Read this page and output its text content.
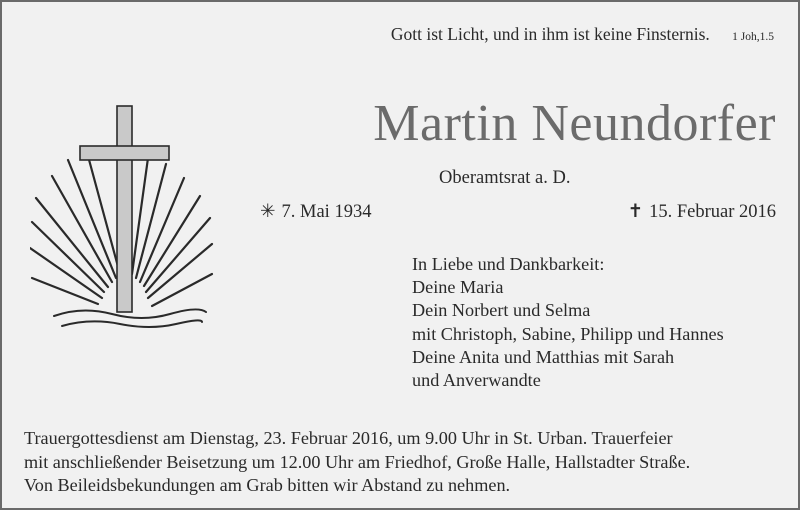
Gott ist Licht, und in ihm ist keine Finsternis. 1 Joh,1.5
Martin Neundorfer
Oberamtsrat a. D.
✳ 7. Mai 1934	✝ 15. Februar 2016
In Liebe und Dankbarkeit:
Deine Maria
Dein Norbert und Selma
mit Christoph, Sabine, Philipp und Hannes
Deine Anita und Matthias mit Sarah
und Anverwandte
Trauergottesdienst am Dienstag, 23. Februar 2016, um 9.00 Uhr in St. Urban. Trauerfeier
mit anschließender Beisetzung um 12.00 Uhr am Friedhof, Große Halle, Hallstadter Straße.
Von Beileidsbekundungen am Grab bitten wir Abstand zu nehmen.
